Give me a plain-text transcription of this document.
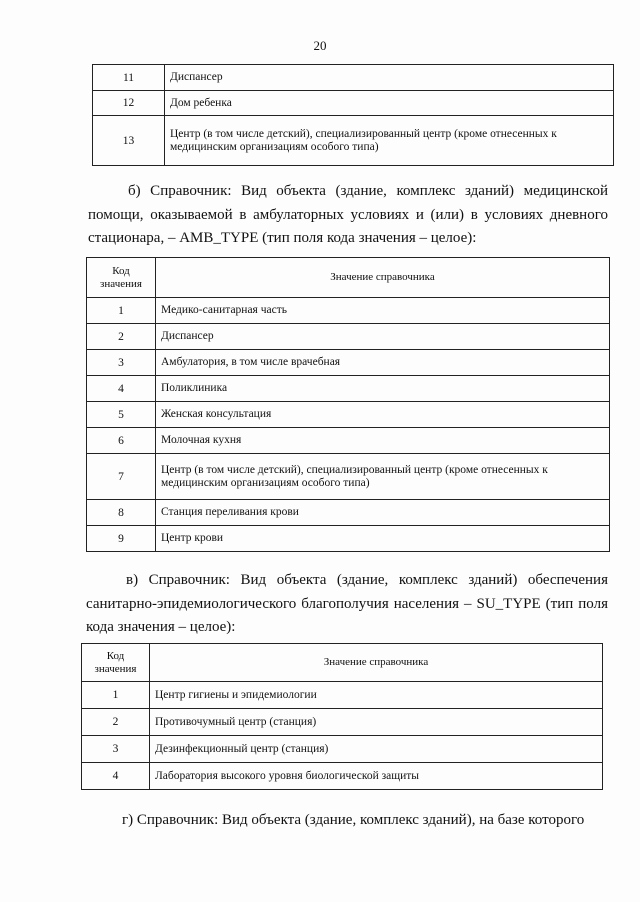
20
11	Диспансер
12	Дом ребенка
13	Центр (в том числе детский), специализированный центр (кроме отнесенных к медицинским организациям особого типа)

б) Справочник: Вид объекта (здание, комплекс зданий) медицинской помощи, оказываемой в амбулаторных условиях и (или) в условиях дневного стационара, – AMB_TYPE (тип поля кода значения – целое):

Код значения	Значение справочника
1	Медико-санитарная часть
2	Диспансер
3	Амбулатория, в том числе врачебная
4	Поликлиника
5	Женская консультация
6	Молочная кухня
7	Центр (в том числе детский), специализированный центр (кроме отнесенных к медицинским организациям особого типа)
8	Станция переливания крови
9	Центр крови

в) Справочник: Вид объекта (здание, комплекс зданий) обеспечения санитарно-эпидемиологического благополучия населения – SU_TYPE (тип поля кода значения – целое):

Код значения	Значение справочника
1	Центр гигиены и эпидемиологии
2	Противочумный центр (станция)
3	Дезинфекционный центр (станция)
4	Лаборатория высокого уровня биологической защиты

г) Справочник: Вид объекта (здание, комплекс зданий), на базе которого
